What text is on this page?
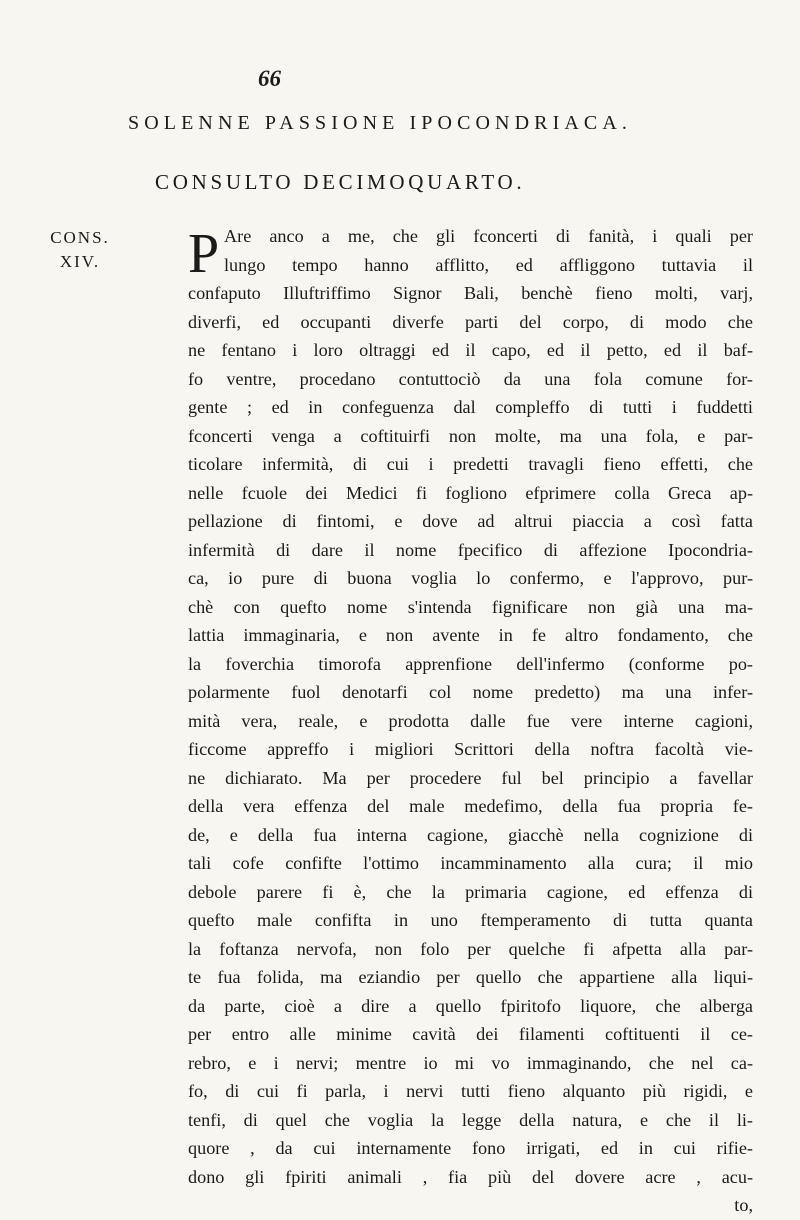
66
SOLENNE PASSIONE IPOCONDRIACA.
CONSULTO DECIMOQUARTO.
CONS.
XIV.	P Are anco a me, che gli fconcerti di fanità, i quali per
lungo tempo hanno afflitto, ed affliggono tuttavia il
confaputo Illuftriffimo Signor Bali, benchè fieno molti, varj,
diverfi, ed occupanti diverfe parti del corpo, di modo che
ne fentano i loro oltraggi ed il capo, ed il petto, ed il baf-
fo ventre, procedano contuttociò da una fola comune for-
gente ; ed in confeguenza dal compleffo di tutti i fuddetti
fconcerti venga a coftituirfi non molte, ma una fola, e par-
ticolare infermità, di cui i predetti travagli fieno effetti, che
nelle fcuole dei Medici fi fogliono efprimere colla Greca ap-
pellazione di fintomi, e dove ad altrui piaccia a così fatta
infermità di dare il nome fpecifico di affezione Ipocondria-
ca, io pure di buona voglia lo confermo, e l'approvo, pur-
chè con quefto nome s'intenda fignificare non già una ma-
lattia immaginaria, e non avente in fe altro fondamento, che
la foverchia timorofa apprenfione dell'infermo (conforme po-
polarmente fuol denotarfi col nome predetto) ma una infer-
mità vera, reale, e prodotta dalle fue vere interne cagioni,
ficcome appreffo i migliori Scrittori della noftra facoltà vie-
ne dichiarato. Ma per procedere ful bel principio a favellar
della vera effenza del male medefimo, della fua propria fe-
de, e della fua interna cagione, giacchè nella cognizione di
tali cofe confifte l'ottimo incamminamento alla cura; il mio
debole parere fi è, che la primaria cagione, ed effenza di
quefto male confifta in uno ftemperamento di tutta quanta
la foftanza nervofa, non folo per quelche fi afpetta alla par-
te fua folida, ma eziandio per quello che appartiene alla liqui-
da parte, cioè a dire a quello fpiritofo liquore, che alberga
per entro alle minime cavità dei filamenti coftituenti il ce-
rebro, e i nervi; mentre io mi vo immaginando, che nel ca-
fo, di cui fi parla, i nervi tutti fieno alquanto più rigidi, e
tenfi, di quel che voglia la legge della natura, e che il li-
quore , da cui internamente fono irrigati, ed in cui rifie-
dono gli fpiriti animali , fia più del dovere acre , acu-
to,
